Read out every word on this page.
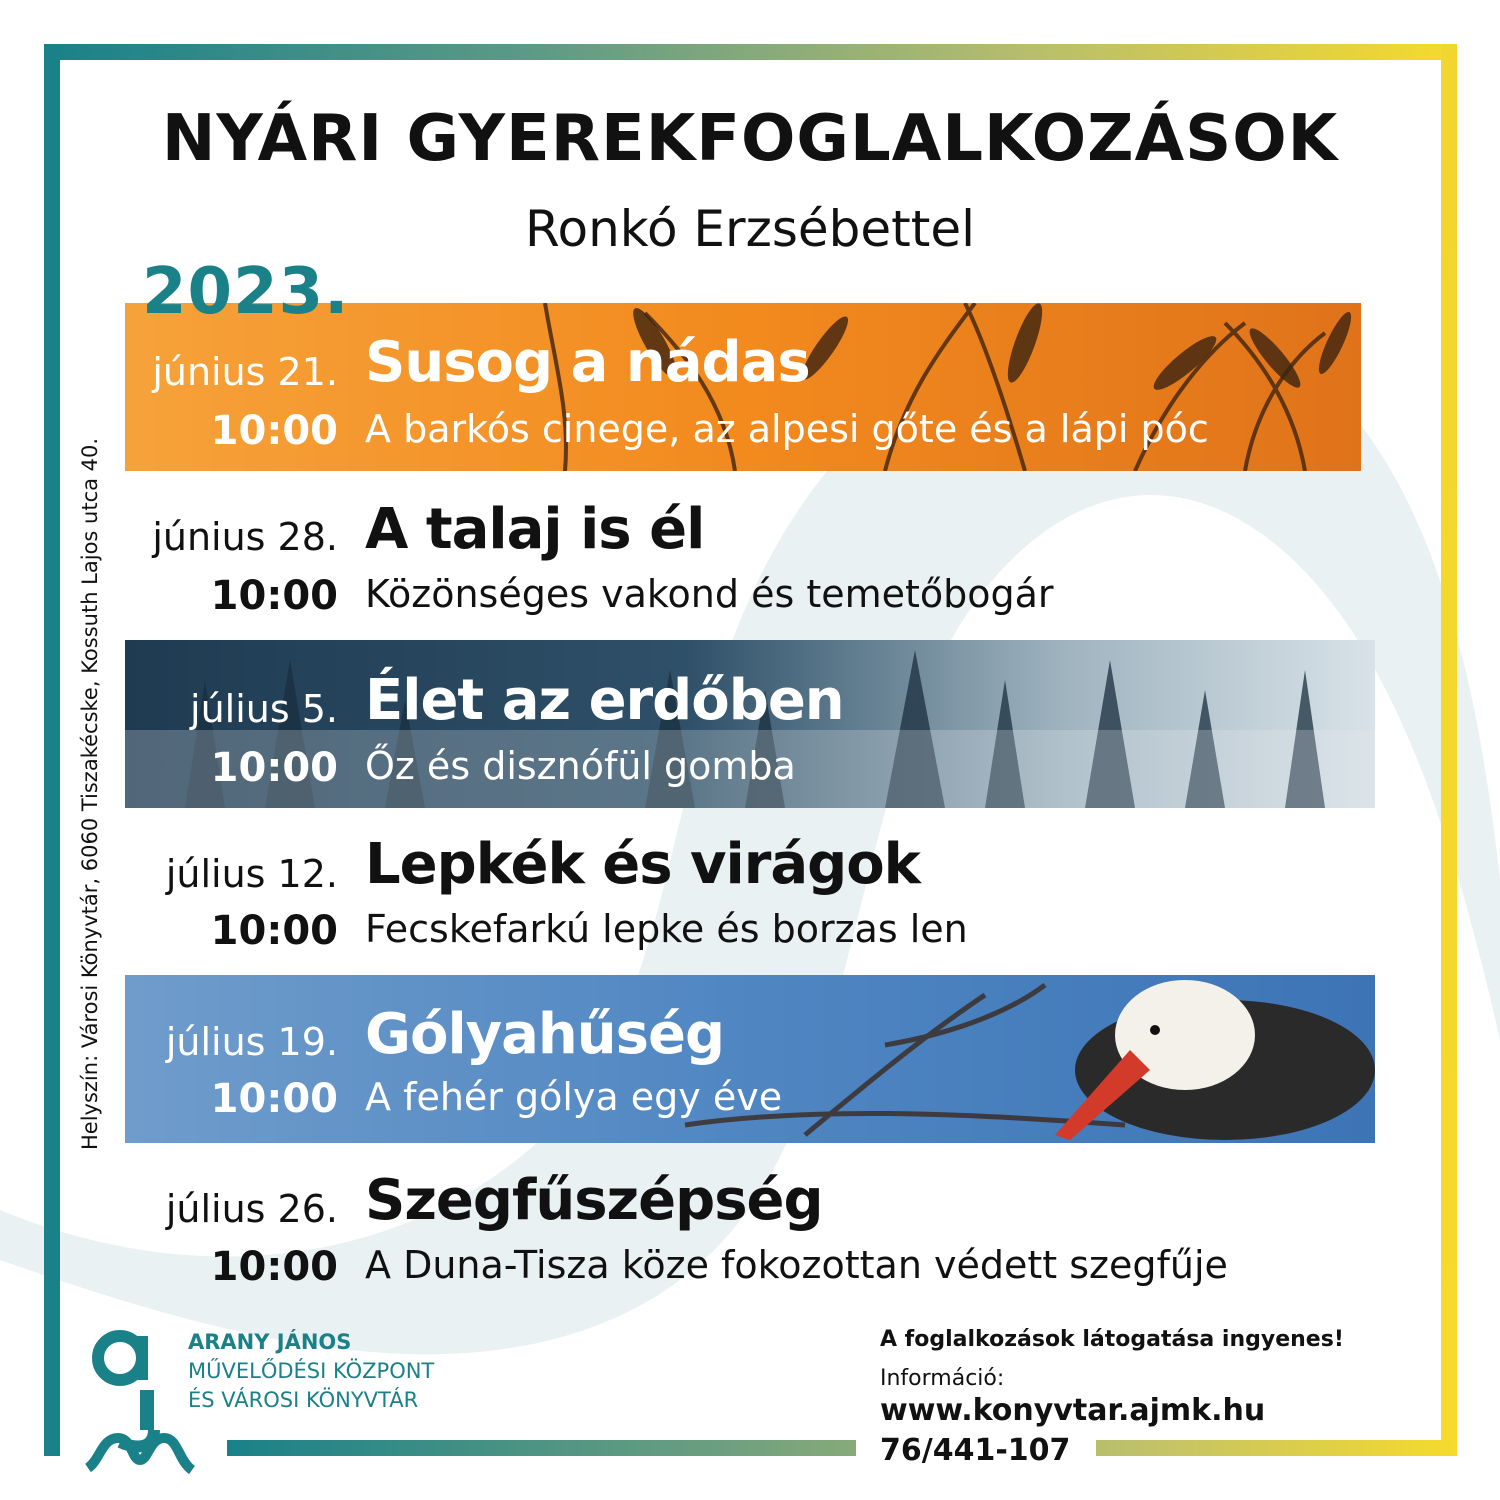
NYÁRI GYEREKFOGLALKOZÁSOK
Ronkó Erzsébettel
Helyszín: Városi Könyvtár, 6060 Tiszakécske, Kossuth Lajos utca 40.
2023.
június 21.
10:00
Susog a nádas
A barkós cinege, az alpesi gőte és a lápi póc
június 28.
10:00
A talaj is él
Közönséges vakond és temetőbogár
július 5.
10:00
Élet az erdőben
Őz és disznófül gomba
július 12.
10:00
Lepkék és virágok
Fecskefarkú lepke és borzas len
július 19.
10:00
Gólyahűség
A fehér gólya egy éve
július 26.
10:00
Szegfűszépség
A Duna-Tisza köze fokozottan védett szegfűje
ARANY JÁNOS
MŰVELŐDÉSI KÖZPONT
ÉS VÁROSI KÖNYVTÁR
A foglalkozások látogatása ingyenes!
Információ:
www.konyvtar.ajmk.hu
76/441-107
